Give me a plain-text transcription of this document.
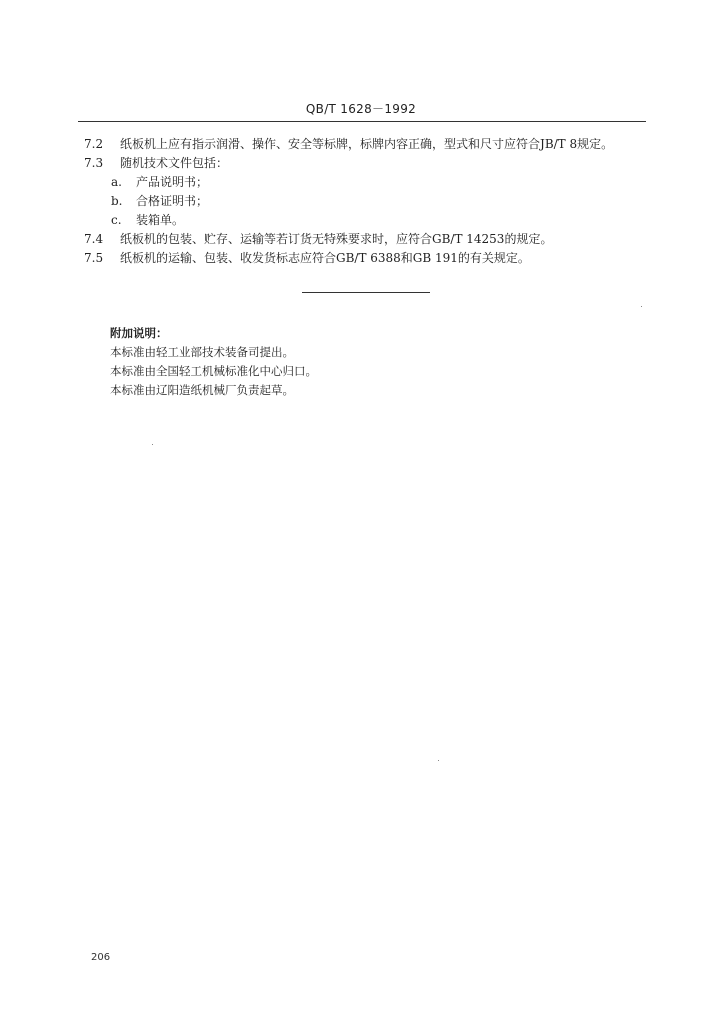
QB/T 1628－1992
7.2 纸板机上应有指示润滑、操作、安全等标牌，标牌内容正确，型式和尺寸应符合JB/T 8规定。
7.3 随机技术文件包括：
a. 产品说明书；
b. 合格证明书；
c. 装箱单。
7.4 纸板机的包装、贮存、运输等若订货无特殊要求时，应符合GB/T 14253的规定。
7.5 纸板机的运输、包装、收发货标志应符合GB/T 6388和GB 191的有关规定。
附加说明：
本标准由轻工业部技术装备司提出。
本标准由全国轻工机械标准化中心归口。
本标准由辽阳造纸机械厂负责起草。
206
